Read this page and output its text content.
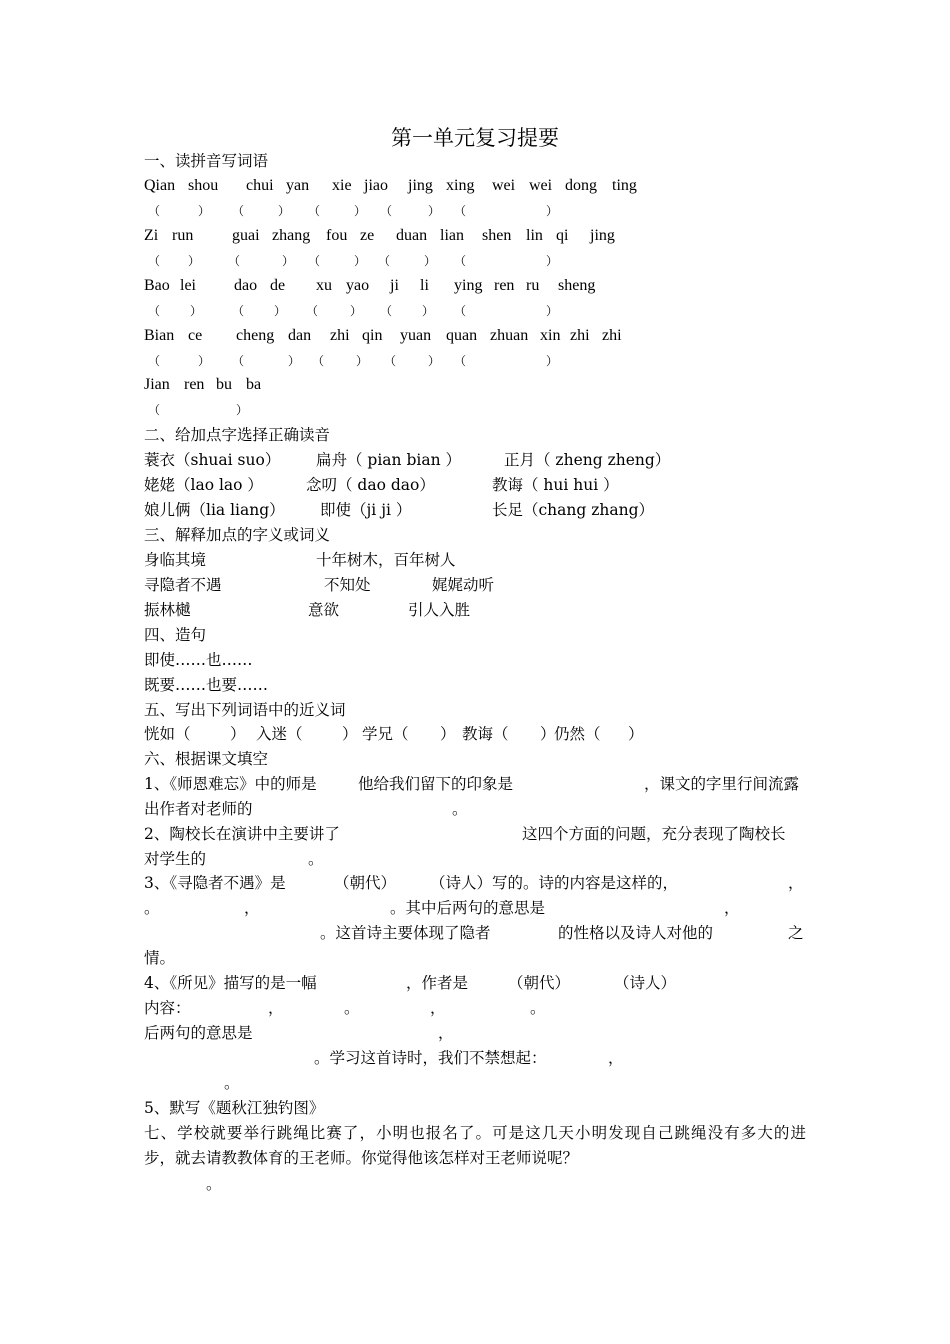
第一单元复习提要
一、读拼音写词语
Qian shou chui yan xie jiao jing xing wei wei dong ting
（	） （	） （	） （	） （	）
Zi run guai zhang fou ze duan lian shen lin qi jing
（ ） （	） （	） （	） （	）
Bao lei dao de xu yao ji li ying ren ru sheng
（ ） （ ） （	） （ ） （	）
Bian ce cheng dan zhi qin yuan quan zhuan xin zhi zhi
（	） （	） （	） （	） （	）
Jian ren bu ba
（	）
二、给加点字选择正确读音
蓑衣（shuai suo） 扁舟（ pian bian ）	正月（ zheng zheng）
姥姥（lao lao ）	念叨（ dao dao）	教诲（ hui hui ）
娘儿俩（lia liang） 即使（ji ji ）	长足（chang zhang）
三、解释加点的字义或词义
身临其境	十年树木，百年树人
寻隐者不遇	不知处	娓娓动听
振林樾	意欲	引人入胜
四、造句
即使……也……
既要……也要……
五、写出下列词语中的近义词
恍如（	） 入迷（	） 学兄（ ） 教诲（ ）
仍然（ ）
六、根据课文填空
1、《师恩难忘》中的师是	他给我们留下的印象是	，课文的字里行间流露
出作者对老师的	。
2、陶校长在演讲中主要讲了	这四个方面的问题，充分表现了陶校长
对学生的	。
3、《寻隐者不遇》是	（朝代） （诗人）写的。诗的内容是这样的，	，
。	，	。其中后两句的意思是	，
。这首诗主要体现了隐者	的性格以及诗人对他的	之
情。
4、《所见》描写的是一幅	，作者是	（朝代）	（诗人）
内容：	，	。	，	。
后两句的意思是	，
。学习这首诗时，我们不禁想起：	，
。
5、默写《题秋江独钓图》
七、学校就要举行跳绳比赛了，小明也报名了。可是这几天小明发现自己跳绳没有多大的进
步，就去请教教体育的王老师。你觉得他该怎样对王老师说呢？
。
